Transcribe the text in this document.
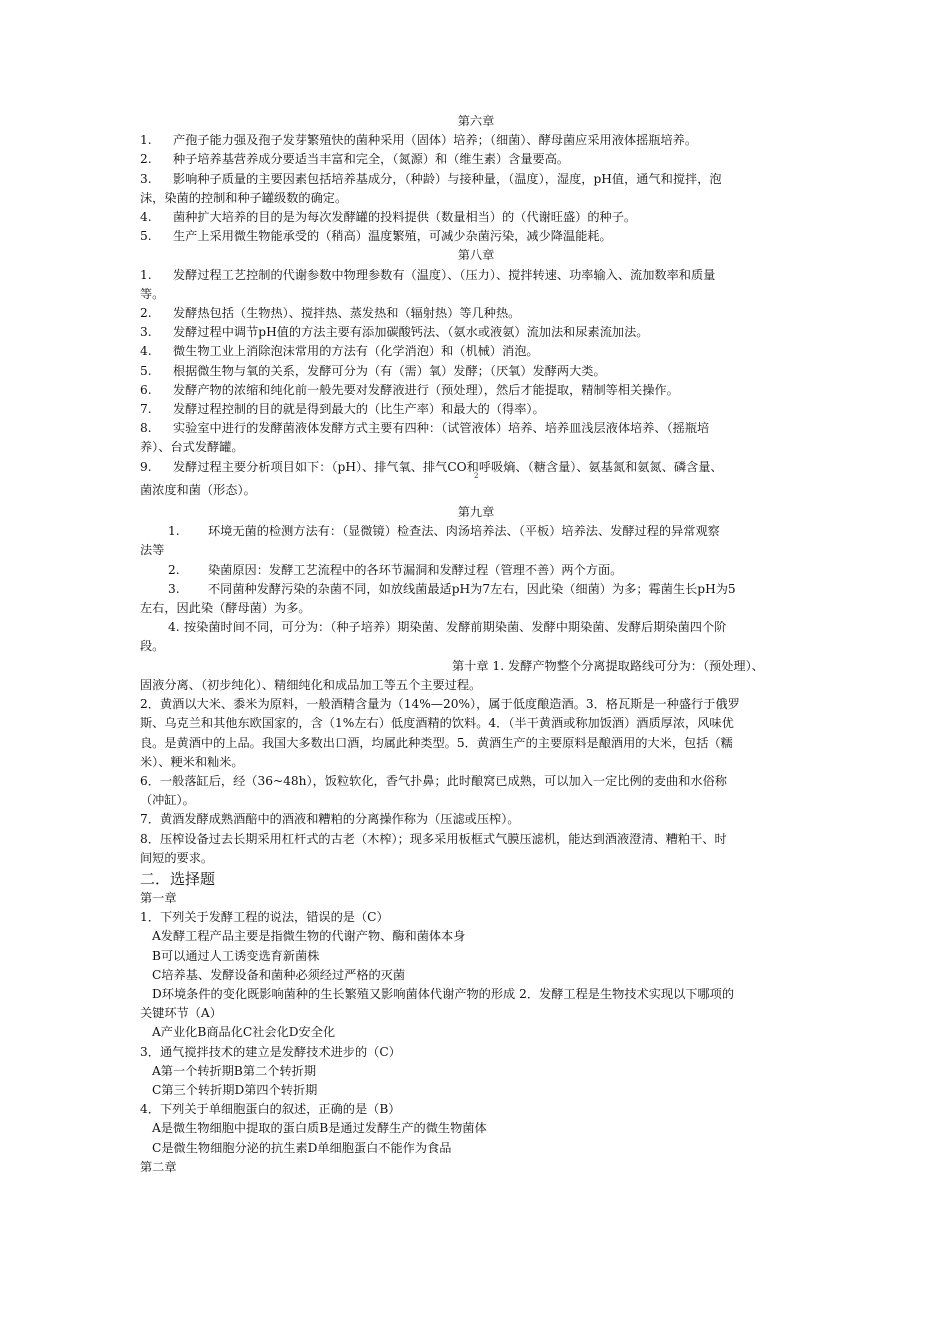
第六章
1. 产孢子能力强及孢子发芽繁殖快的菌种采用（固体）培养；（细菌）、酵母菌应采用液体摇瓶培养。
2. 种子培养基营养成分要适当丰富和完全，（氮源）和（维生素）含量要高。
3. 影响种子质量的主要因素包括培养基成分，（种龄）与接种量，（温度），湿度，pH值，通气和搅拌，泡
沫，染菌的控制和种子罐级数的确定。
4. 菌种扩大培养的目的是为每次发酵罐的投料提供（数量相当）的（代谢旺盛）的种子。
5. 生产上采用微生物能承受的（稍高）温度繁殖，可减少杂菌污染，减少降温能耗。
第八章
1. 发酵过程工艺控制的代谢参数中物理参数有（温度）、（压力）、搅拌转速、功率输入、流加数率和质量
等。
2. 发酵热包括（生物热）、搅拌热、蒸发热和（辐射热）等几种热。
3. 发酵过程中调节pH值的方法主要有添加碳酸钙法、（氨水或液氨）流加法和尿素流加法。
4. 微生物工业上消除泡沫常用的方法有（化学消泡）和（机械）消泡。
5. 根据微生物与氧的关系，发酵可分为（有（需）氧）发酵；（厌氧）发酵两大类。
6. 发酵产物的浓缩和纯化前一般先要对发酵液进行（预处理），然后才能提取，精制等相关操作。
7. 发酵过程控制的目的就是得到最大的（比生产率）和最大的（得率）。
8. 实验室中进行的发酵菌液体发酵方式主要有四种：（试管液体）培养、培养皿浅层液体培养、（摇瓶培
养）、台式发酵罐。
9. 发酵过程主要分析项目如下：（pH）、排气氧、排气CO和呼吸熵、（糖含量）、氨基氮和氨氮、磷含量、
2
菌浓度和菌（形态）。
第九章
1. 环境无菌的检测方法有：（显微镜）检查法、肉汤培养法、（平板）培养法、发酵过程的异常观察
法等
2. 染菌原因：发酵工艺流程中的各环节漏洞和发酵过程（管理不善）两个方面。
3. 不同菌种发酵污染的杂菌不同，如放线菌最适pH为7左右，因此染（细菌）为多；霉菌生长pH为5
左右，因此染（酵母菌）为多。
4. 按染菌时间不同，可分为：（种子培养）期染菌、发酵前期染菌、发酵中期染菌、发酵后期染菌四个阶
段。
第十章 1. 发酵产物整个分离提取路线可分为：（预处理）、
固液分离、（初步纯化）、精细纯化和成品加工等五个主要过程。
2．黄酒以大米、黍米为原料，一般酒精含量为（14%—20%），属于低度酿造酒。3．格瓦斯是一种盛行于俄罗
斯、乌克兰和其他东欧国家的，含（1%左右）低度酒精的饮料。4．（半干黄酒或称加饭酒）酒质厚浓，风味优
良。是黄酒中的上品。我国大多数出口酒，均属此种类型。5．黄酒生产的主要原料是酿酒用的大米，包括（糯
米）、粳米和籼米。
6．一般落缸后，经（36~48h），饭粒软化，香气扑鼻；此时酿窝已成熟，可以加入一定比例的麦曲和水俗称
（冲缸）。
7．黄酒发酵成熟酒醅中的酒液和糟粕的分离操作称为（压滤或压榨）。
8．压榨设备过去长期采用杠杆式的古老（木榨）；现多采用板框式气膜压滤机，能达到酒液澄清、糟粕干、时
间短的要求。
二．选择题
第一章
1．下列关于发酵工程的说法，错误的是（C）
A发酵工程产品主要是指微生物的代谢产物、酶和菌体本身
B可以通过人工诱变选育新菌株
C培养基、发酵设备和菌种必须经过严格的灭菌
D环境条件的变化既影响菌种的生长繁殖又影响菌体代谢产物的形成 2．发酵工程是生物技术实现以下哪项的
关键环节（A）
A产业化B商品化C社会化D安全化
3．通气搅拌技术的建立是发酵技术进步的（C）
A第一个转折期B第二个转折期
C第三个转折期D第四个转折期
4．下列关于单细胞蛋白的叙述，正确的是（B）
A是微生物细胞中提取的蛋白质B是通过发酵生产的微生物菌体
C是微生物细胞分泌的抗生素D单细胞蛋白不能作为食品
第二章
